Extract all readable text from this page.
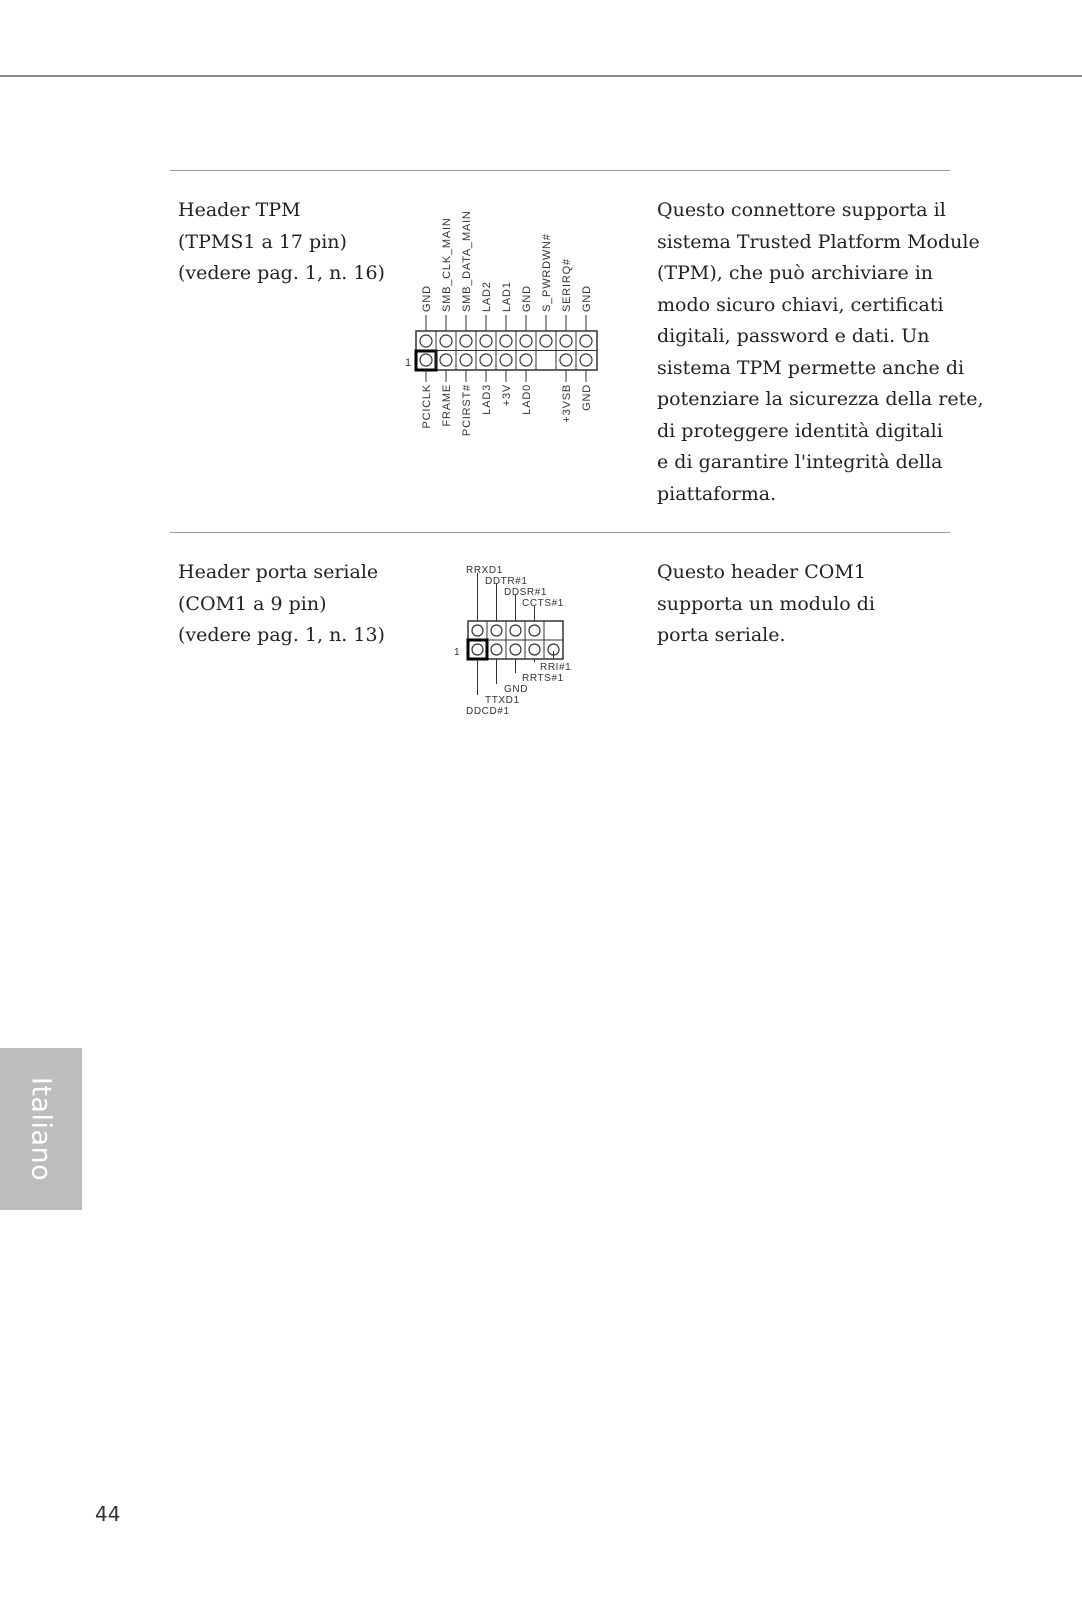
Header TPM
(TPMS1 a 17 pin)
(vedere pag. 1, n. 16)
1
GND SMB_CLK_MAIN SMB_DATA_MAIN LAD2 LAD1 GND S_PWRDWN# SERIRQ# GND
PCICLK FRAME PCIRST# LAD3 +3V LAD0	+3VSB GND
Questo connettore supporta il
sistema Trusted Platform Module
(TPM), che può archiviare in
modo sicuro chiavi, certificati
digitali, password e dati. Un
sistema TPM permette anche di
potenziare la sicurezza della rete,
di proteggere identità digitali
e di garantire l'integrità della
piattaforma.
Header porta seriale
(COM1 a 9 pin)
(vedere pag. 1, n. 13)
1
RRXD1
DDTR#1
DDSR#1
CCTS#1
RRI#1
RRTS#1
GND
TTXD1
DDCD#1
Questo header COM1
supporta un modulo di
porta seriale.
Italiano
44
